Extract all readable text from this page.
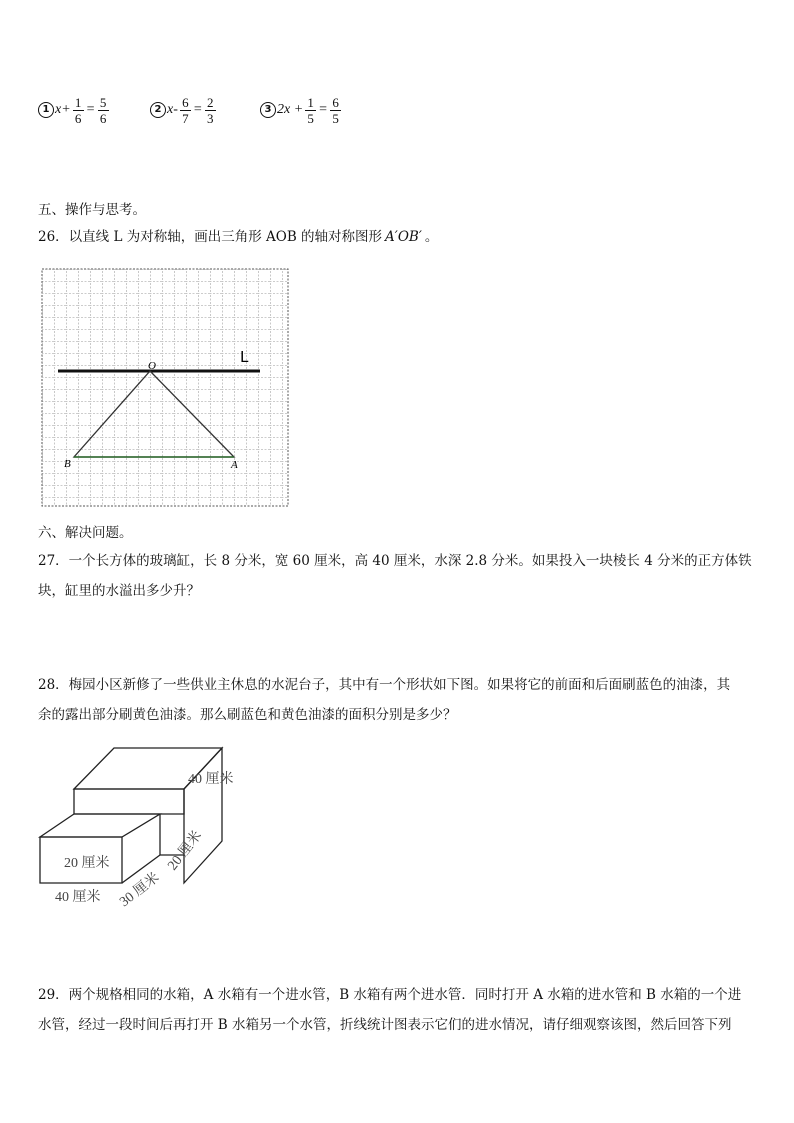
1 $x+ \frac{1}{6} = \frac{5}{6}$	2 $x- \frac{6}{7} = \frac{2}{3}$	3 $2x + \frac{1}{5} = \frac{6}{5}$
五、操作与思考。
26．以直线 L 为对称轴，画出三角形 AOB 的轴对称图形 A′OB′ 。
L
O
B	A
六、解决问题。
27．一个长方体的玻璃缸，长 8 分米，宽 60 厘米，高 40 厘米，水深 2.8 分米。如果投入一块棱长 4 分米的正方体铁
块，缸里的水溢出多少升？
28．梅园小区新修了一些供业主休息的水泥台子，其中有一个形状如下图。如果将它的前面和后面刷蓝色的油漆，其
余的露出部分刷黄色油漆。那么刷蓝色和黄色油漆的面积分别是多少？
40 厘米
20 厘米
40 厘米 30 厘米
20 厘米
29．两个规格相同的水箱，A 水箱有一个进水管，B 水箱有两个进水管．同时打开 A 水箱的进水管和 B 水箱的一个进
水管，经过一段时间后再打开 B 水箱另一个水管，折线统计图表示它们的进水情况，请仔细观察该图，然后回答下列
